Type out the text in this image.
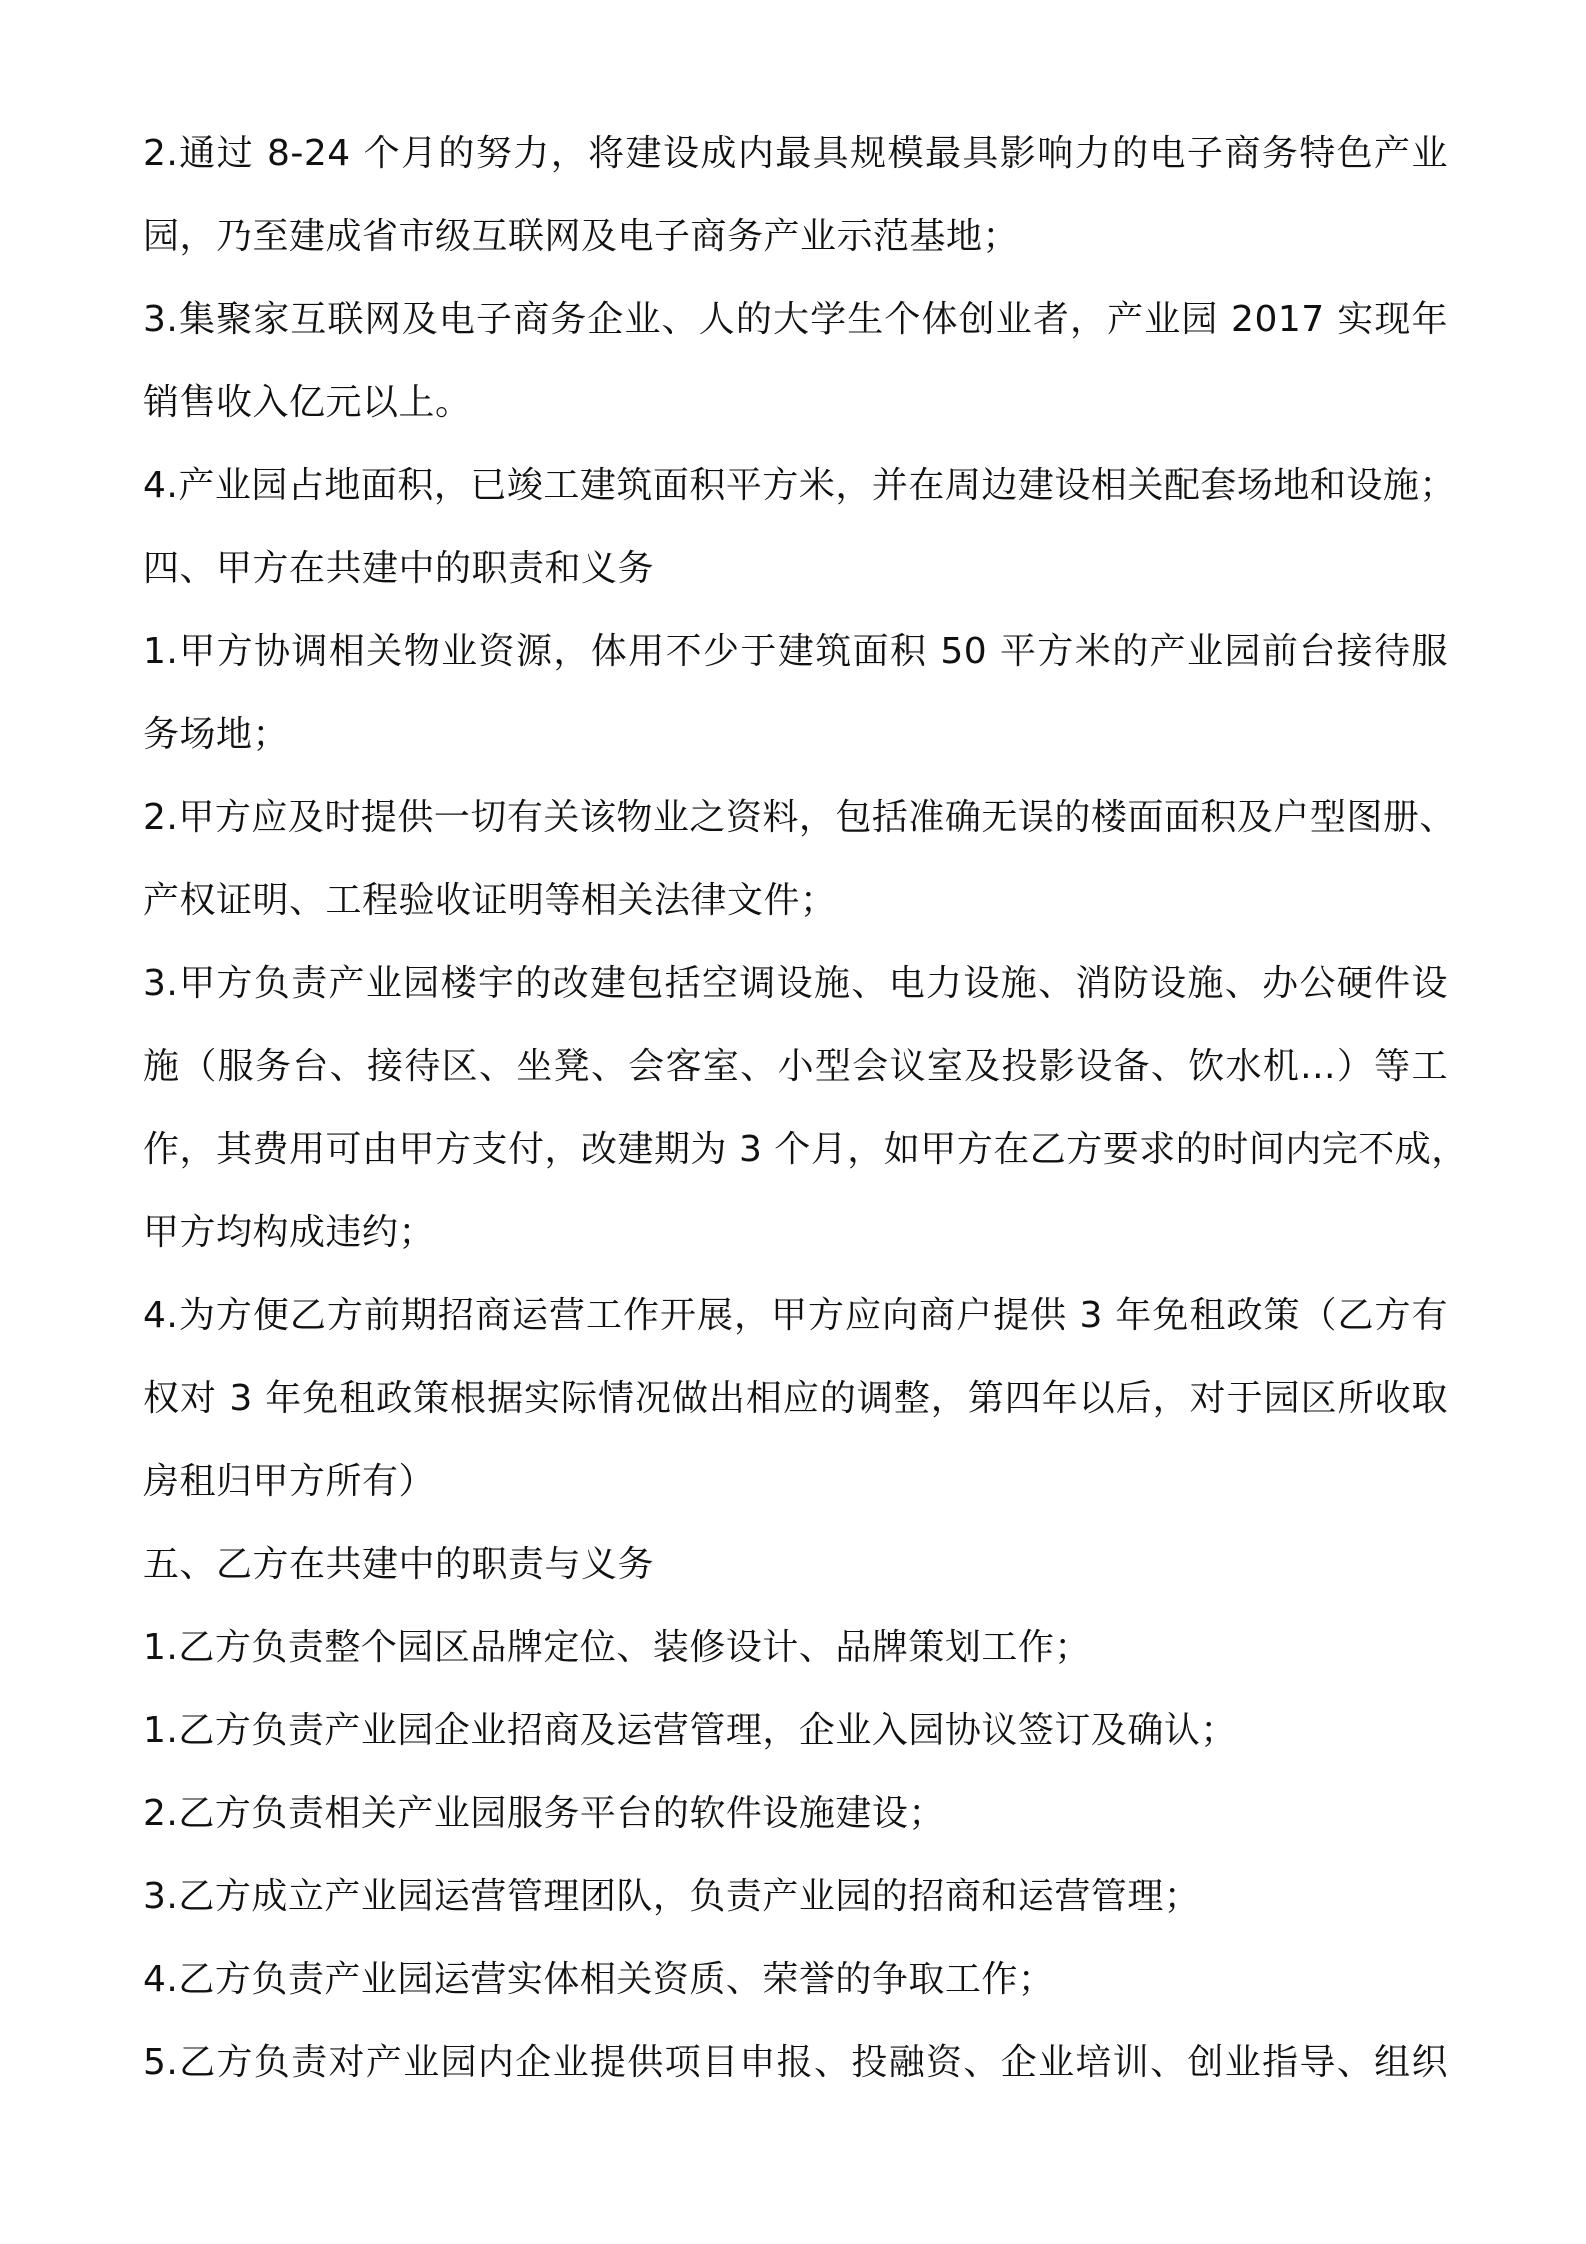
2.通过 8-24 个月的努力，将建设成内最具规模最具影响力的电子商务特色产业
园，乃至建成省市级互联网及电子商务产业示范基地；
3.集聚家互联网及电子商务企业、人的大学生个体创业者，产业园 2017 实现年
销售收入亿元以上。
4.产业园占地面积，已竣工建筑面积平方米，并在周边建设相关配套场地和设施；
四、甲方在共建中的职责和义务
1.甲方协调相关物业资源，体用不少于建筑面积 50 平方米的产业园前台接待服
务场地；
2.甲方应及时提供一切有关该物业之资料，包括准确无误的楼面面积及户型图册、
产权证明、工程验收证明等相关法律文件；
3.甲方负责产业园楼宇的改建包括空调设施、电力设施、消防设施、办公硬件设
施（服务台、接待区、坐凳、会客室、小型会议室及投影设备、饮水机...）等工
作，其费用可由甲方支付，改建期为 3 个月，如甲方在乙方要求的时间内完不成，
甲方均构成违约；
4.为方便乙方前期招商运营工作开展，甲方应向商户提供 3 年免租政策（乙方有
权对 3 年免租政策根据实际情况做出相应的调整，第四年以后，对于园区所收取
房租归甲方所有）
五、乙方在共建中的职责与义务
1.乙方负责整个园区品牌定位、装修设计、品牌策划工作；
1.乙方负责产业园企业招商及运营管理，企业入园协议签订及确认；
2.乙方负责相关产业园服务平台的软件设施建设；
3.乙方成立产业园运营管理团队，负责产业园的招商和运营管理；
4.乙方负责产业园运营实体相关资质、荣誉的争取工作；
5.乙方负责对产业园内企业提供项目申报、投融资、企业培训、创业指导、组织
